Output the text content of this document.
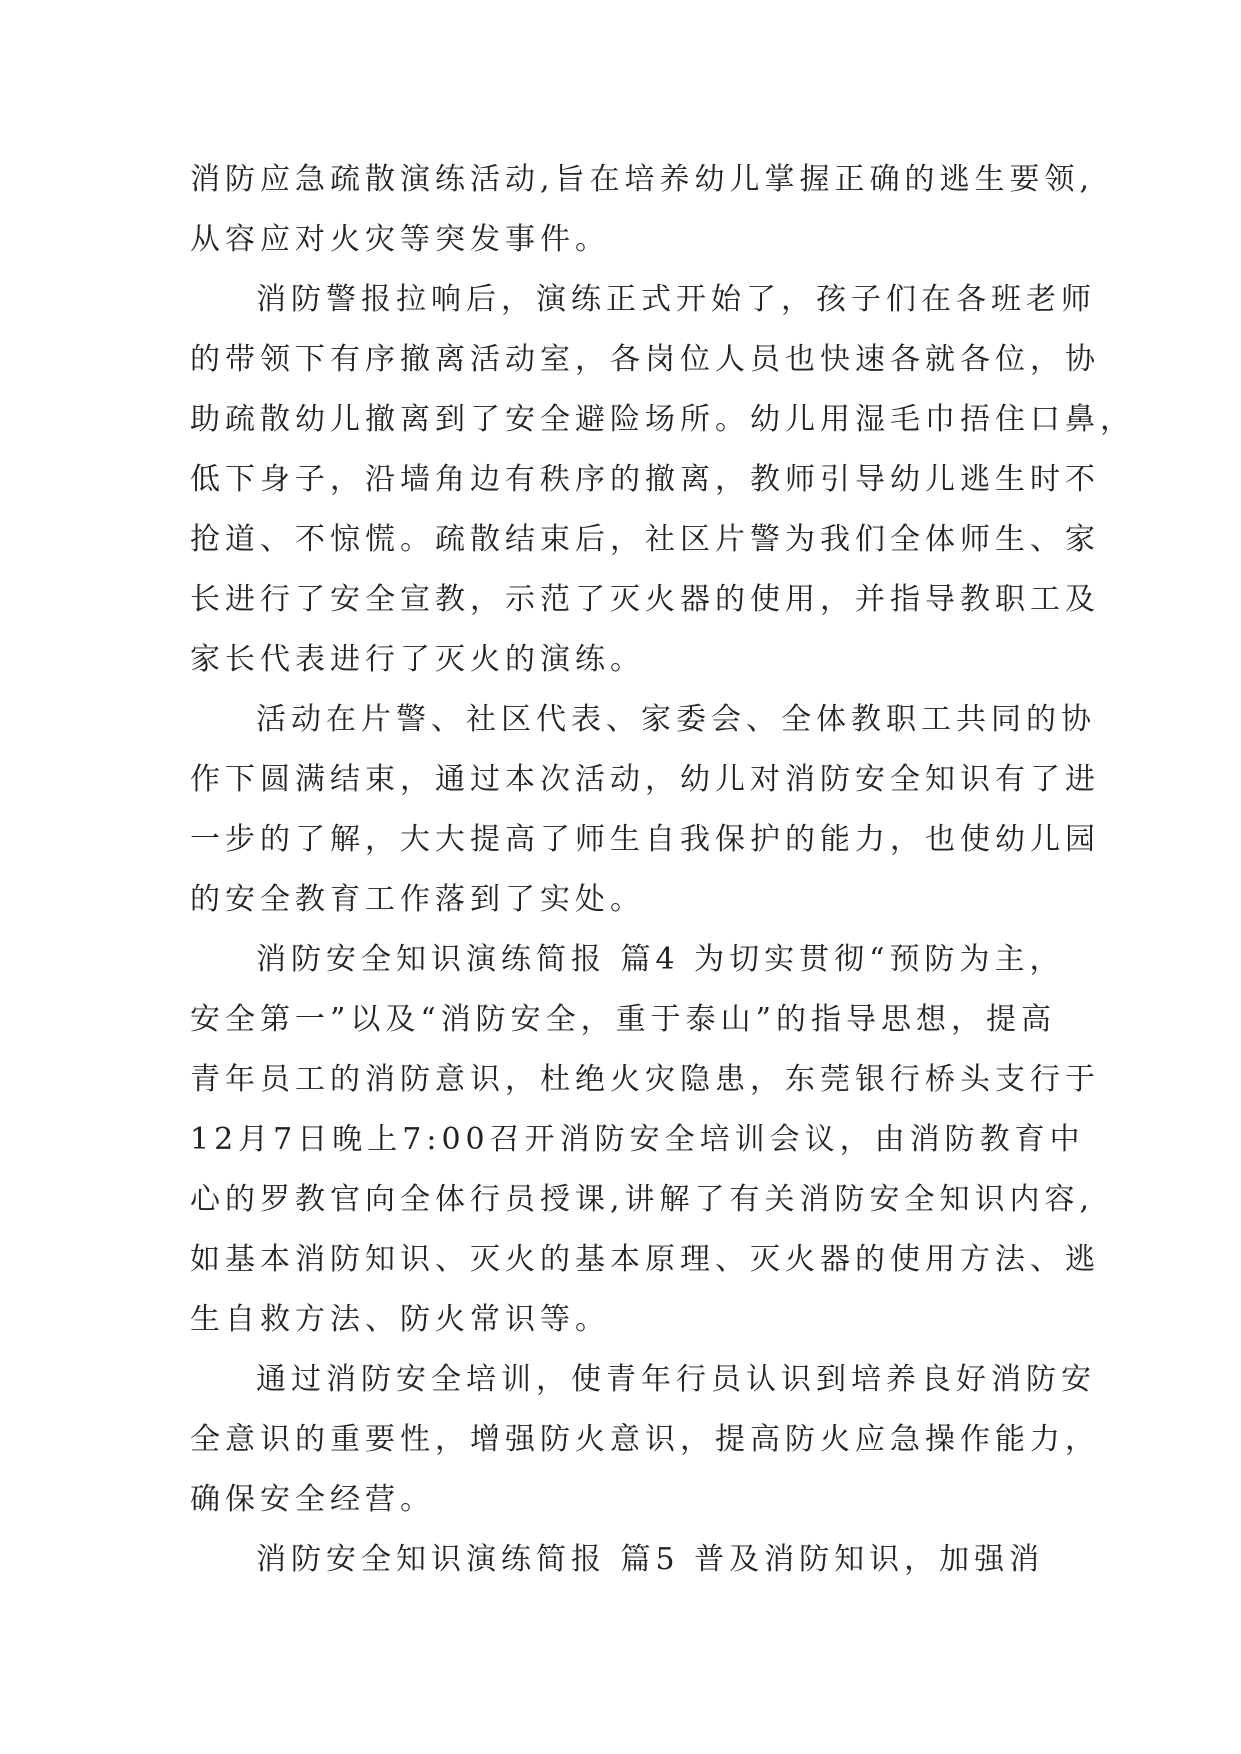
消防应急疏散演练活动,旨在培养幼儿掌握正确的逃生要领,
从容应对火灾等突发事件。
消防警报拉响后，演练正式开始了，孩子们在各班老师
的带领下有序撤离活动室，各岗位人员也快速各就各位，协
助疏散幼儿撤离到了安全避险场所。幼儿用湿毛巾捂住口鼻，
低下身子，沿墙角边有秩序的撤离，教师引导幼儿逃生时不
抢道、不惊慌。疏散结束后，社区片警为我们全体师生、家
长进行了安全宣教，示范了灭火器的使用，并指导教职工及
家长代表进行了灭火的演练。
活动在片警、社区代表、家委会、全体教职工共同的协
作下圆满结束，通过本次活动，幼儿对消防安全知识有了进
一步的了解，大大提高了师生自我保护的能力，也使幼儿园
的安全教育工作落到了实处。
消防安全知识演练简报 篇4 为切实贯彻“预防为主，
安全第一”以及“消防安全，重于泰山”的指导思想，提高
青年员工的消防意识，杜绝火灾隐患，东莞银行桥头支行于
12月7日晚上7:00召开消防安全培训会议，由消防教育中
心的罗教官向全体行员授课,讲解了有关消防安全知识内容,
如基本消防知识、灭火的基本原理、灭火器的使用方法、逃
生自救方法、防火常识等。
通过消防安全培训，使青年行员认识到培养良好消防安
全意识的重要性，增强防火意识，提高防火应急操作能力，
确保安全经营。
消防安全知识演练简报 篇5 普及消防知识，加强消
